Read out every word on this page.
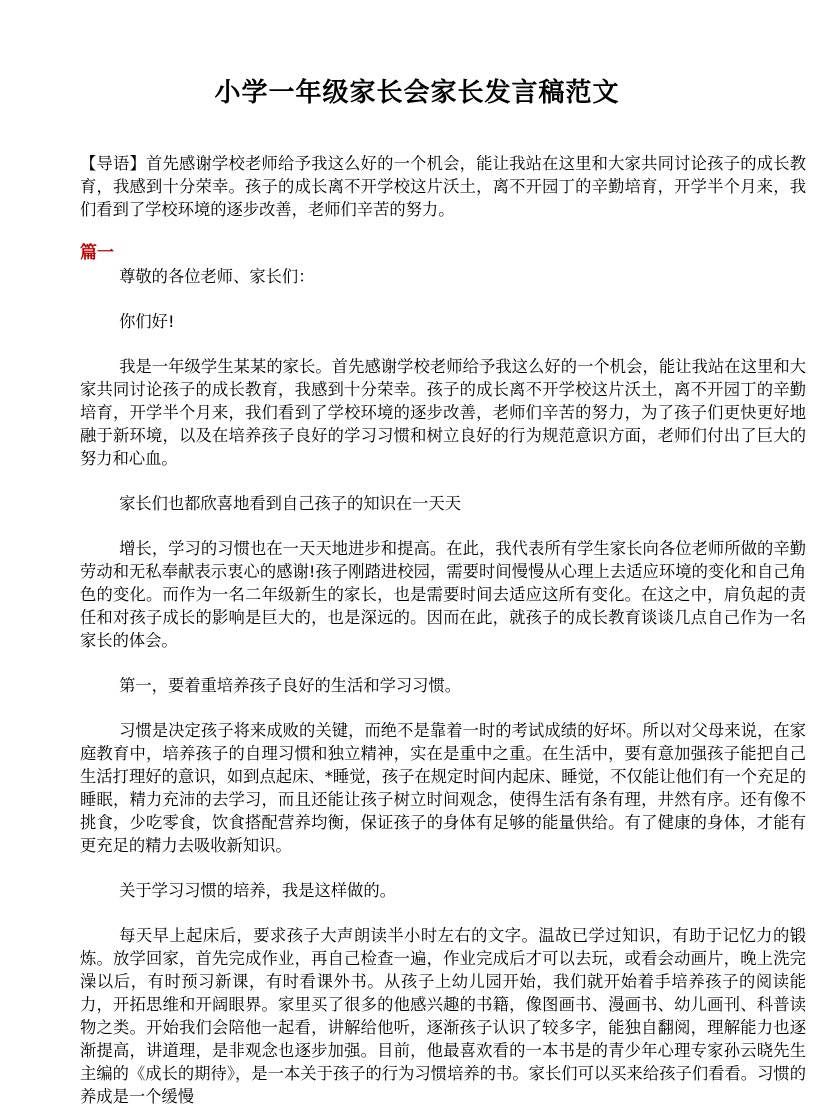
小学一年级家长会家长发言稿范文

【导语】首先感谢学校老师给予我这么好的一个机会，能让我站在这里和大家共同讨论孩子的成长教育，我感到十分荣幸。孩子的成长离不开学校这片沃土，离不开园丁的辛勤培育，开学半个月来，我们看到了学校环境的逐步改善，老师们辛苦的努力。

篇一

尊敬的各位老师、家长们：

你们好!

我是一年级学生某某的家长。首先感谢学校老师给予我这么好的一个机会，能让我站在这里和大家共同讨论孩子的成长教育，我感到十分荣幸。孩子的成长离不开学校这片沃土，离不开园丁的辛勤培育，开学半个月来，我们看到了学校环境的逐步改善，老师们辛苦的努力，为了孩子们更快更好地融于新环境，以及在培养孩子良好的学习习惯和树立良好的行为规范意识方面，老师们付出了巨大的努力和心血。

家长们也都欣喜地看到自己孩子的知识在一天天

增长，学习的习惯也在一天天地进步和提高。在此，我代表所有学生家长向各位老师所做的辛勤劳动和无私奉献表示衷心的感谢!孩子刚踏进校园，需要时间慢慢从心理上去适应环境的变化和自己角色的变化。而作为一名二年级新生的家长，也是需要时间去适应这所有变化。在这之中，肩负起的责任和对孩子成长的影响是巨大的，也是深远的。因而在此，就孩子的成长教育谈谈几点自己作为一名家长的体会。

第一，要着重培养孩子良好的生活和学习习惯。

习惯是决定孩子将来成败的关键，而绝不是靠着一时的考试成绩的好坏。所以对父母来说，在家庭教育中，培养孩子的自理习惯和独立精神，实在是重中之重。在生活中，要有意加强孩子能把自己生活打理好的意识，如到点起床、*睡觉，孩子在规定时间内起床、睡觉，不仅能让他们有一个充足的睡眠，精力充沛的去学习，而且还能让孩子树立时间观念，使得生活有条有理，井然有序。还有像不挑食，少吃零食，饮食搭配营养均衡，保证孩子的身体有足够的能量供给。有了健康的身体，才能有更充足的精力去吸收新知识。

关于学习习惯的培养，我是这样做的。

每天早上起床后，要求孩子大声朗读半小时左右的文字。温故已学过知识，有助于记忆力的锻炼。放学回家，首先完成作业，再自己检查一遍，作业完成后才可以去玩，或看会动画片，晚上洗完澡以后，有时预习新课，有时看课外书。从孩子上幼儿园开始，我们就开始着手培养孩子的阅读能力，开拓思维和开阔眼界。家里买了很多的他感兴趣的书籍，像图画书、漫画书、幼儿画刊、科普读物之类。开始我们会陪他一起看，讲解给他听，逐渐孩子认识了较多字，能独自翻阅，理解能力也逐渐提高，讲道理，是非观念也逐步加强。目前，他最喜欢看的一本书是的青少年心理专家孙云晓先生主编的《成长的期待》，是一本关于孩子的行为习惯培养的书。家长们可以买来给孩子们看看。习惯的养成是一个缓慢
